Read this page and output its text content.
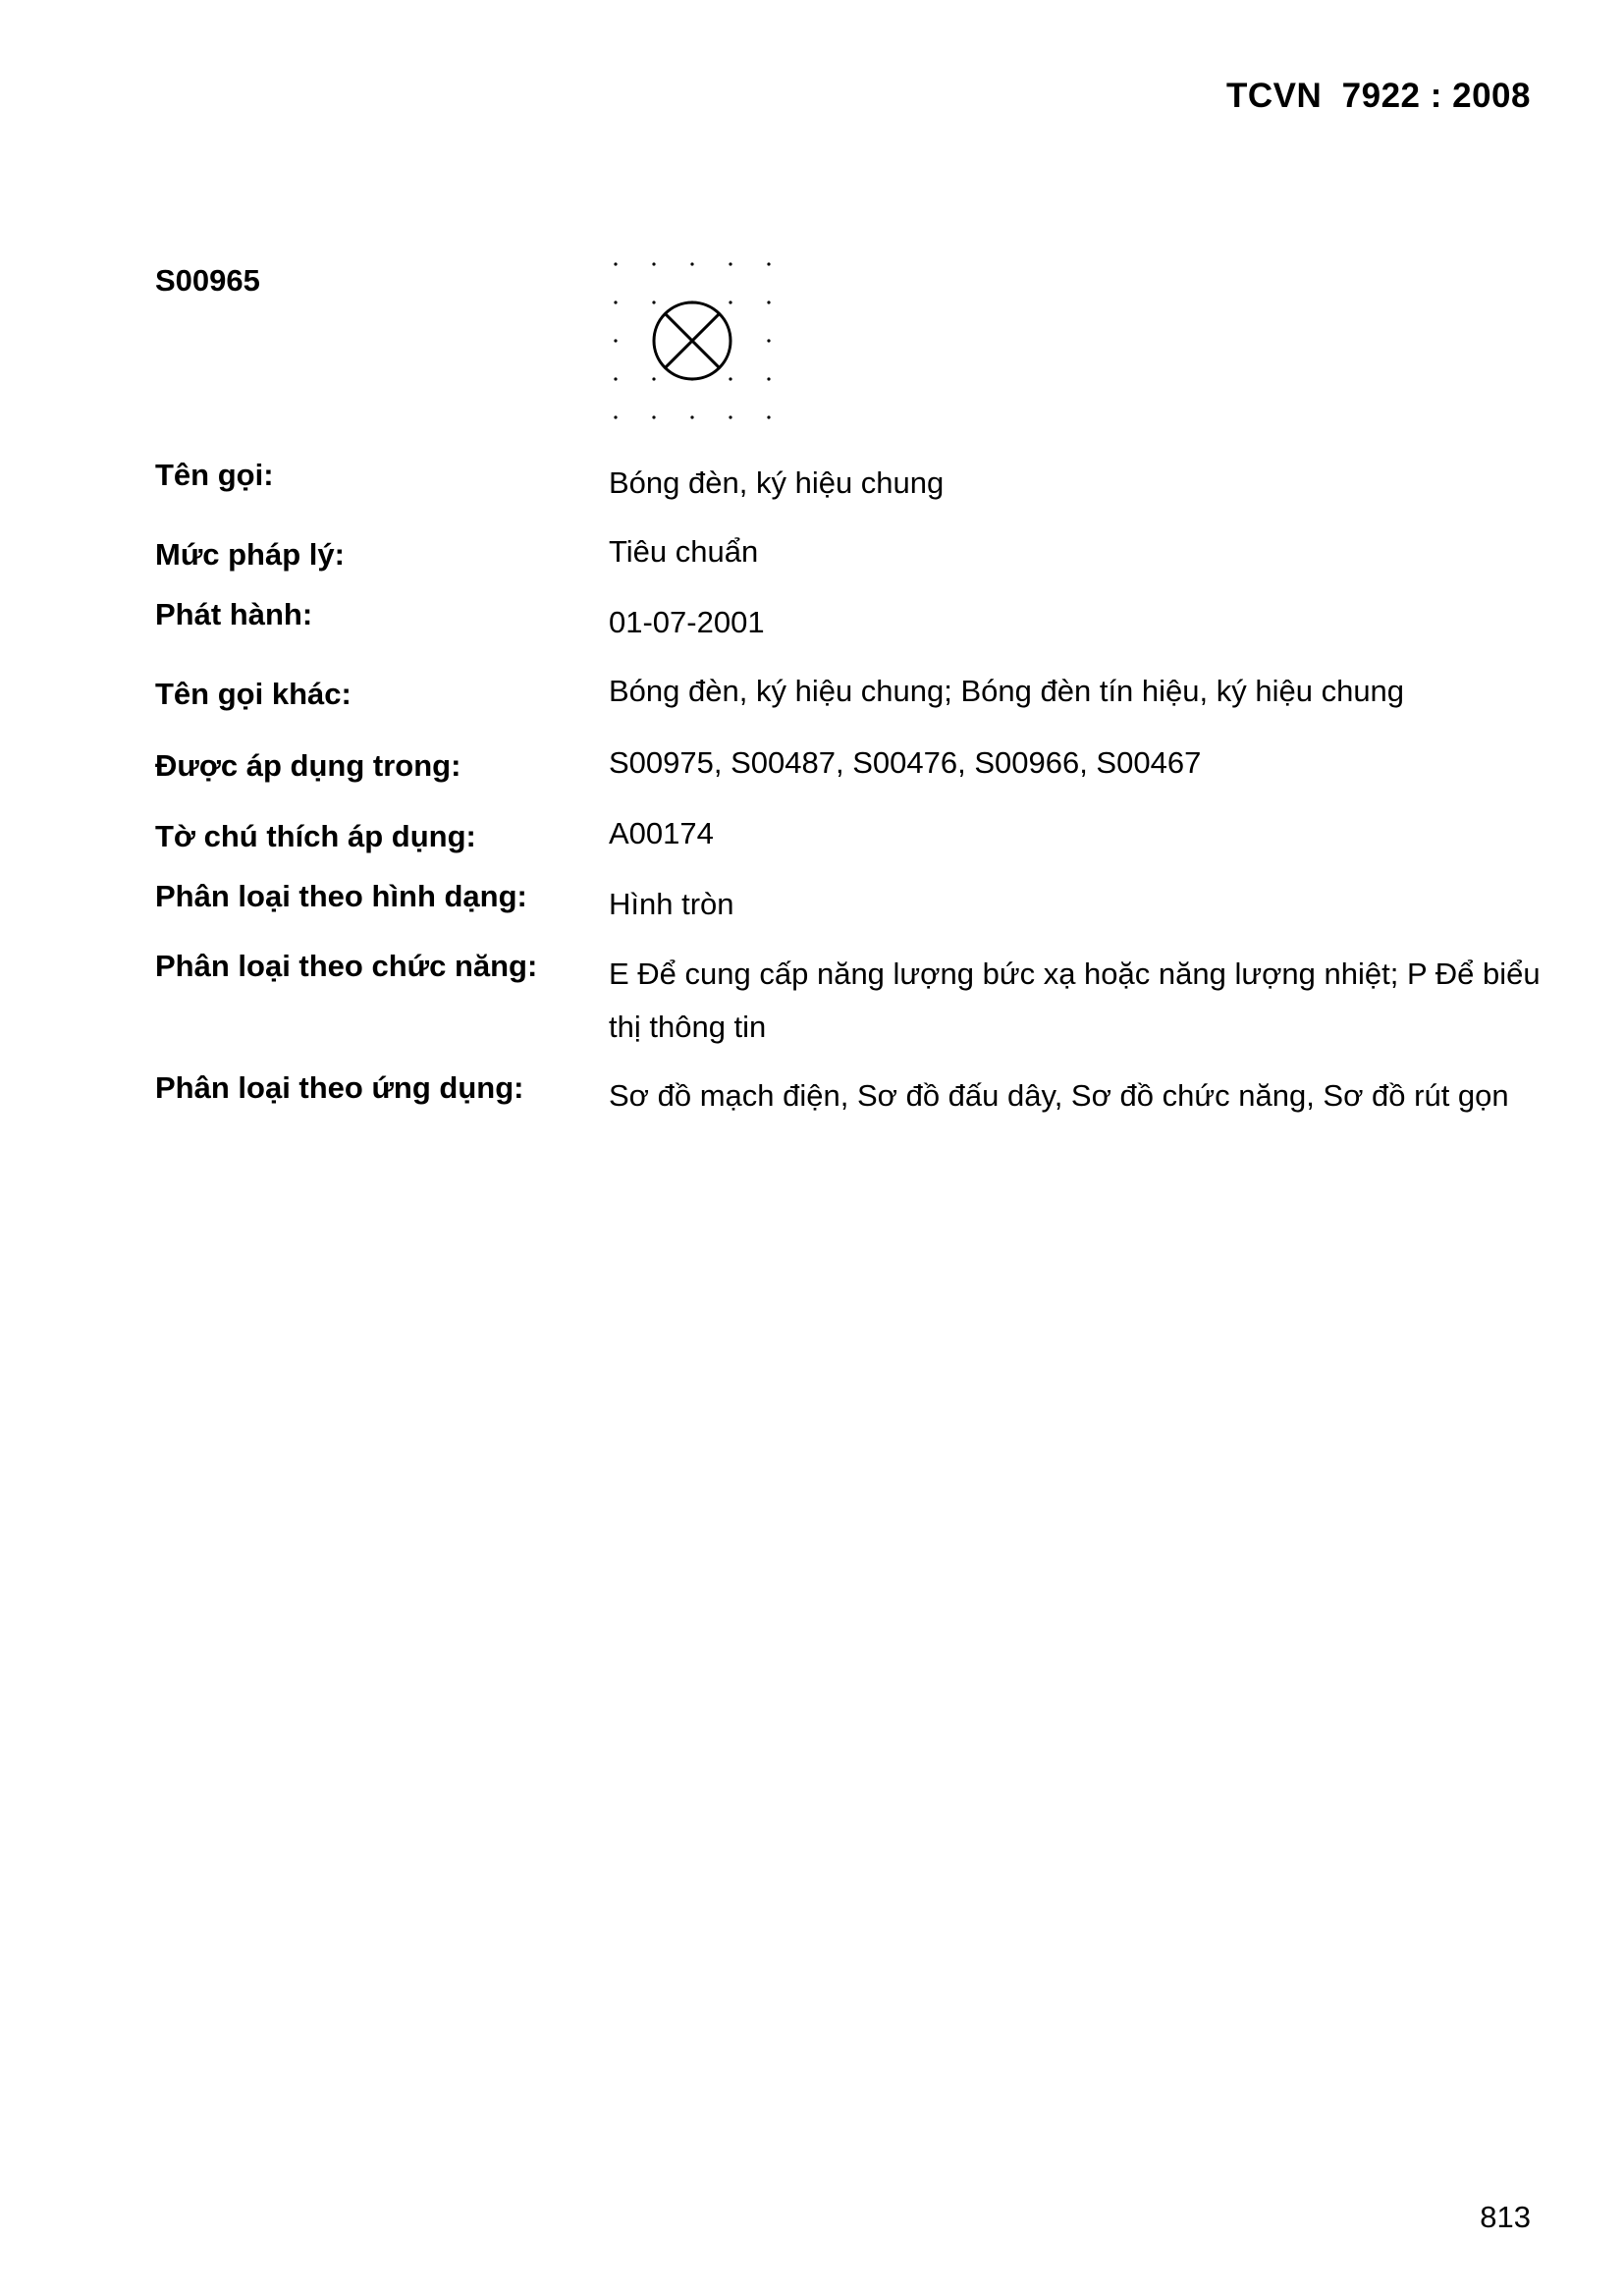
TCVN  7922 : 2008
S00965
Tên gọi:	Bóng đèn, ký hiệu chung
Mức pháp lý:	Tiêu chuẩn
Phát hành:	01-07-2001
Tên gọi khác:	Bóng đèn, ký hiệu chung; Bóng đèn tín hiệu, ký hiệu chung
Được áp dụng trong:	S00975, S00487, S00476, S00966, S00467
Tờ chú thích áp dụng:	A00174
Phân loại theo hình dạng:	Hình tròn
Phân loại theo chức năng: E Để cung cấp năng lượng bức xạ hoặc năng lượng nhiệt; P Để biểu thị thông tin
Phân loại theo ứng dụng:	Sơ đồ mạch điện, Sơ đồ đấu dây, Sơ đồ chức năng, Sơ đồ rút gọn
813
